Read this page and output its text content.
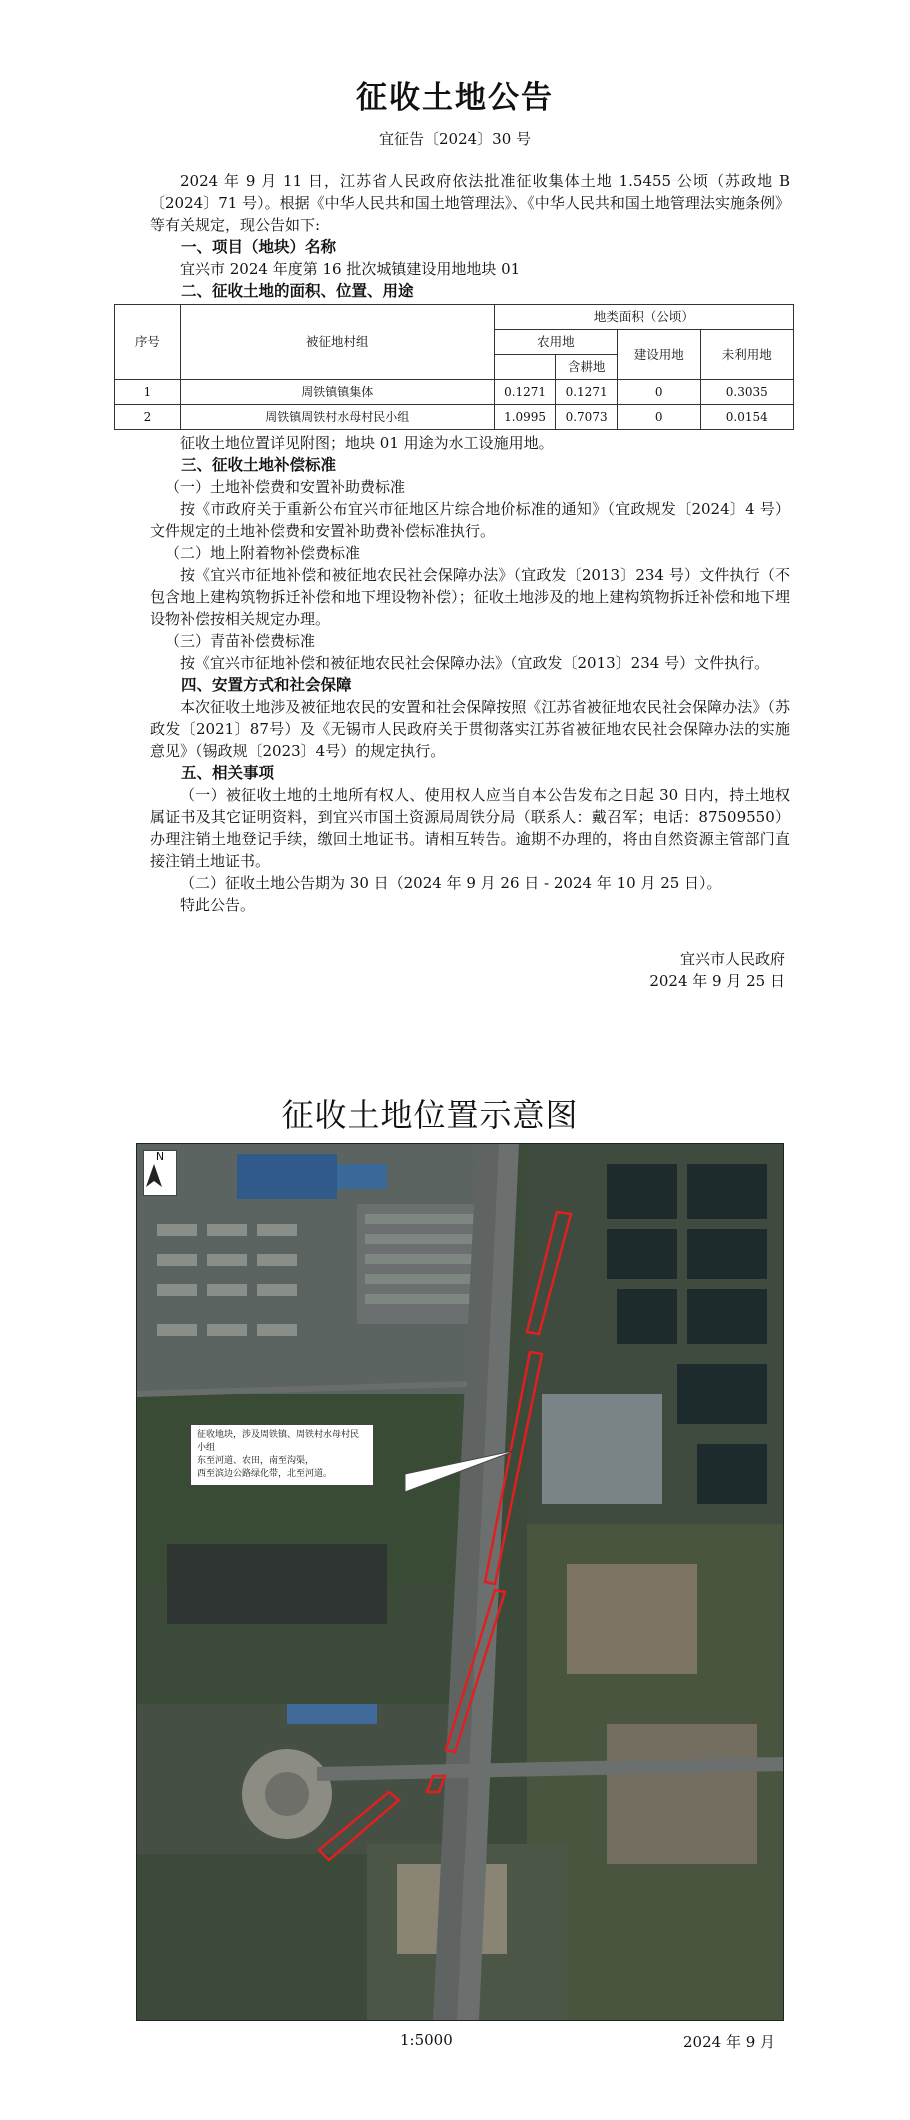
征收土地公告
宜征告〔2024〕30 号

2024 年 9 月 11 日，江苏省人民政府依法批准征收集体土地 1.5455 公顷（苏政地 B〔2024〕71 号）。根据《中华人民共和国土地管理法》、《中华人民共和国土地管理法实施条例》等有关规定，现公告如下:

一、项目（地块）名称

宜兴市 2024 年度第 16 批次城镇建设用地地块 01

二、征收土地的面积、位置、用途

序号	被征地村组	地类面积（公顷）			
		农用地		建设用地	未利用地
			含耕地		
1	周铁镇镇集体	0.1271	0.1271	0	0.3035
2	周铁镇周铁村水母村民小组	1.0995	0.7073	0	0.0154

征收土地位置详见附图；地块 01 用途为水工设施用地。

三、征收土地补偿标准

（一）土地补偿费和安置补助费标准

按《市政府关于重新公布宜兴市征地区片综合地价标准的通知》（宜政规发〔2024〕4 号）文件规定的土地补偿费和安置补助费补偿标准执行。

（二）地上附着物补偿费标准

按《宜兴市征地补偿和被征地农民社会保障办法》（宜政发〔2013〕234 号）文件执行（不包含地上建构筑物拆迁补偿和地下埋设物补偿）；征收土地涉及的地上建构筑物拆迁补偿和地下埋设物补偿按相关规定办理。

（三）青苗补偿费标准

按《宜兴市征地补偿和被征地农民社会保障办法》（宜政发〔2013〕234 号）文件执行。

四、安置方式和社会保障

本次征收土地涉及被征地农民的安置和社会保障按照《江苏省被征地农民社会保障办法》（苏政发〔2021〕87号）及《无锡市人民政府关于贯彻落实江苏省被征地农民社会保障办法的实施意见》（锡政规〔2023〕4号）的规定执行。

五、相关事项

（一）被征收土地的土地所有权人、使用权人应当自本公告发布之日起 30 日内，持土地权属证书及其它证明资料，到宜兴市国土资源局周铁分局（联系人：戴召军；电话：87509550）办理注销土地登记手续，缴回土地证书。请相互转告。逾期不办理的，将由自然资源主管部门直接注销土地证书。

（二）征收土地公告期为 30 日（2024 年 9 月 26 日 - 2024 年 10 月 25 日）。

特此公告。

宜兴市人民政府

2024 年 9 月 25 日

征收土地位置示意图
N
征收地块，涉及周铁镇、周铁村水母村民小组
东至河道、农田，南至沟渠，
西至滨边公路绿化带，北至河道。
1:5000	2024 年 9 月
